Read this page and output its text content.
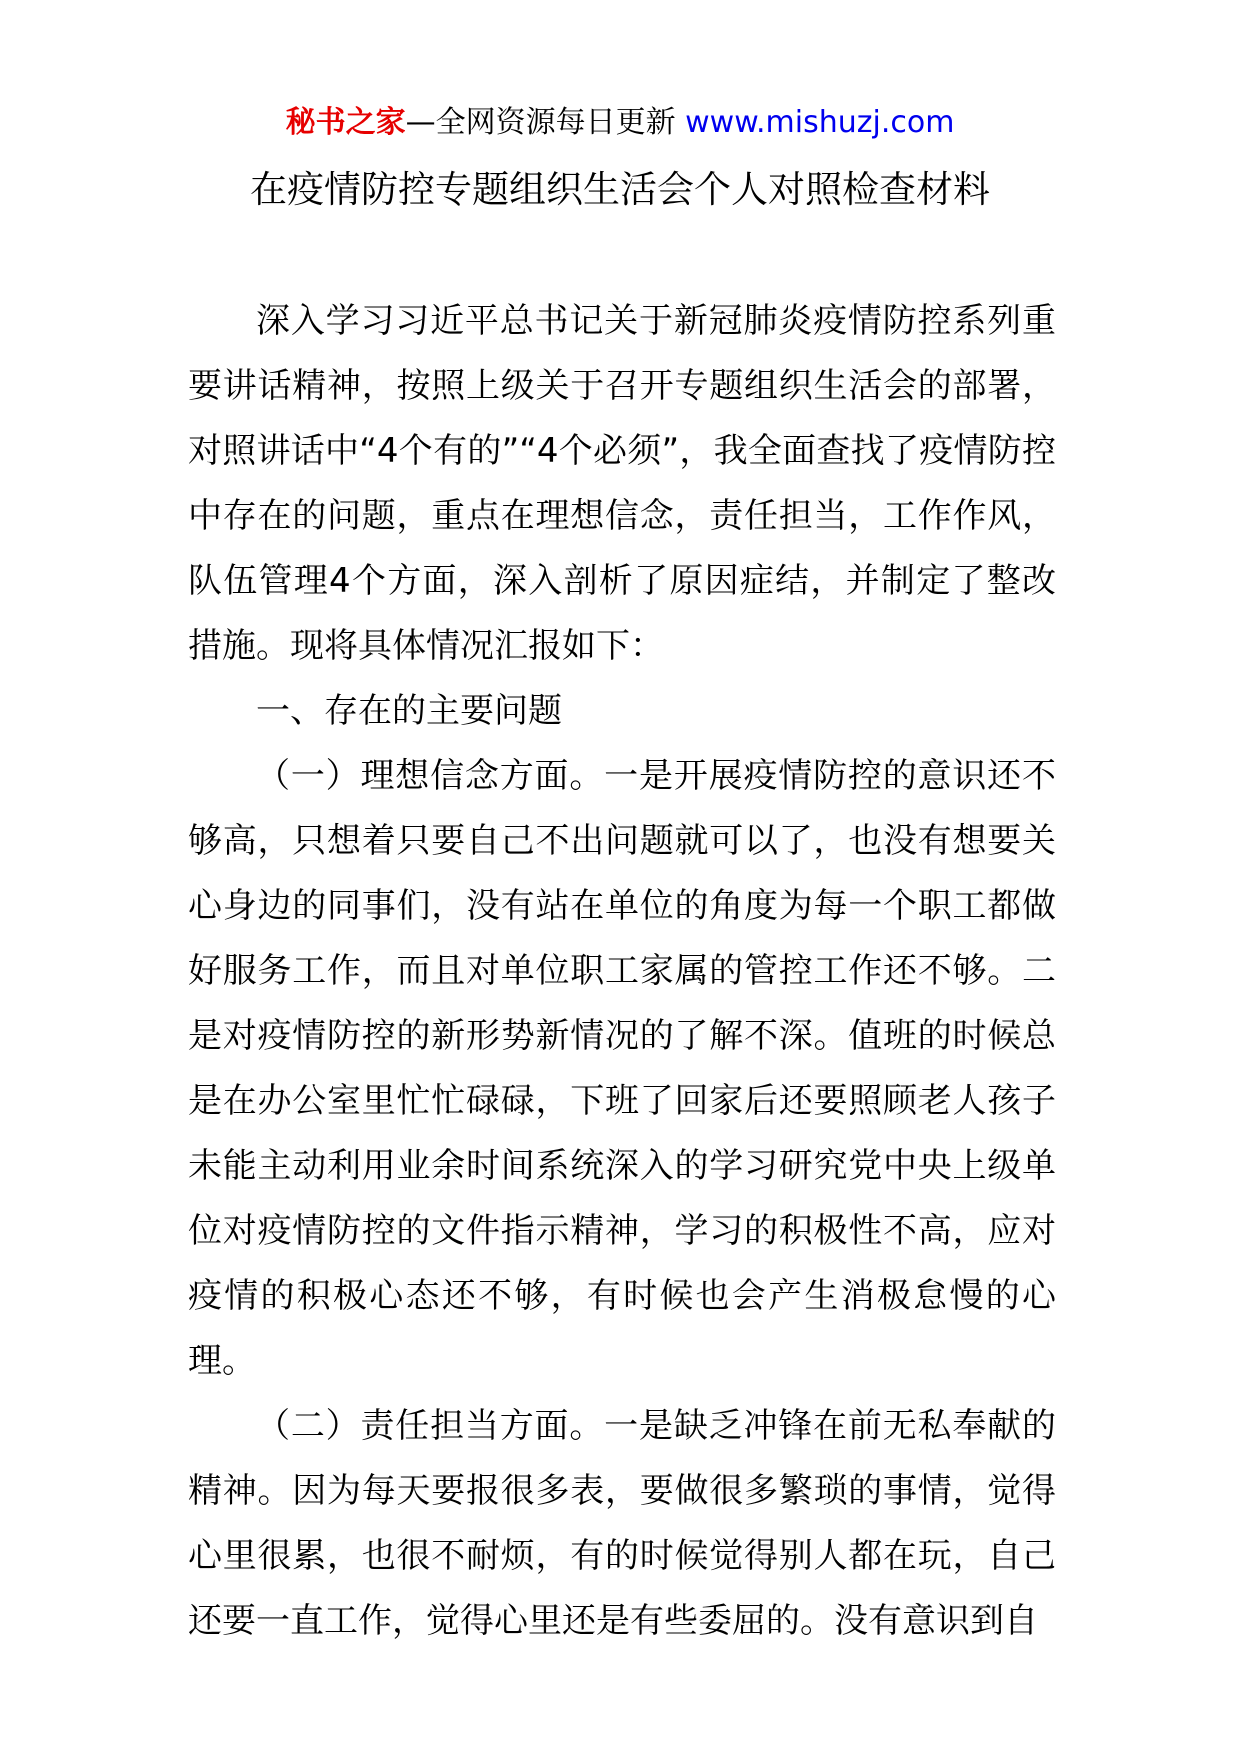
秘书之家—全网资源每日更新 www.mishuzj.com
在疫情防控专题组织生活会个人对照检查材料

深入学习习近平总书记关于新冠肺炎疫情防控系列重要讲话精神，按照上级关于召开专题组织生活会的部署，对照讲话中“4个有的”“4个必须”，我全面查找了疫情防控中存在的问题，重点在理想信念，责任担当，工作作风，队伍管理4个方面，深入剖析了原因症结，并制定了整改措施。现将具体情况汇报如下：

一、存在的主要问题

（一）理想信念方面。一是开展疫情防控的意识还不够高，只想着只要自己不出问题就可以了，也没有想要关心身边的同事们，没有站在单位的角度为每一个职工都做好服务工作，而且对单位职工家属的管控工作还不够。二是对疫情防控的新形势新情况的了解不深。值班的时候总是在办公室里忙忙碌碌，下班了回家后还要照顾老人孩子未能主动利用业余时间系统深入的学习研究党中央上级单位对疫情防控的文件指示精神，学习的积极性不高，应对疫情的积极心态还不够，有时候也会产生消极怠慢的心理。

（二）责任担当方面。一是缺乏冲锋在前无私奉献的精神。因为每天要报很多表，要做很多繁琐的事情，觉得心里很累，也很不耐烦，有的时候觉得别人都在玩，自己还要一直工作，觉得心里还是有些委屈的。没有意识到自
